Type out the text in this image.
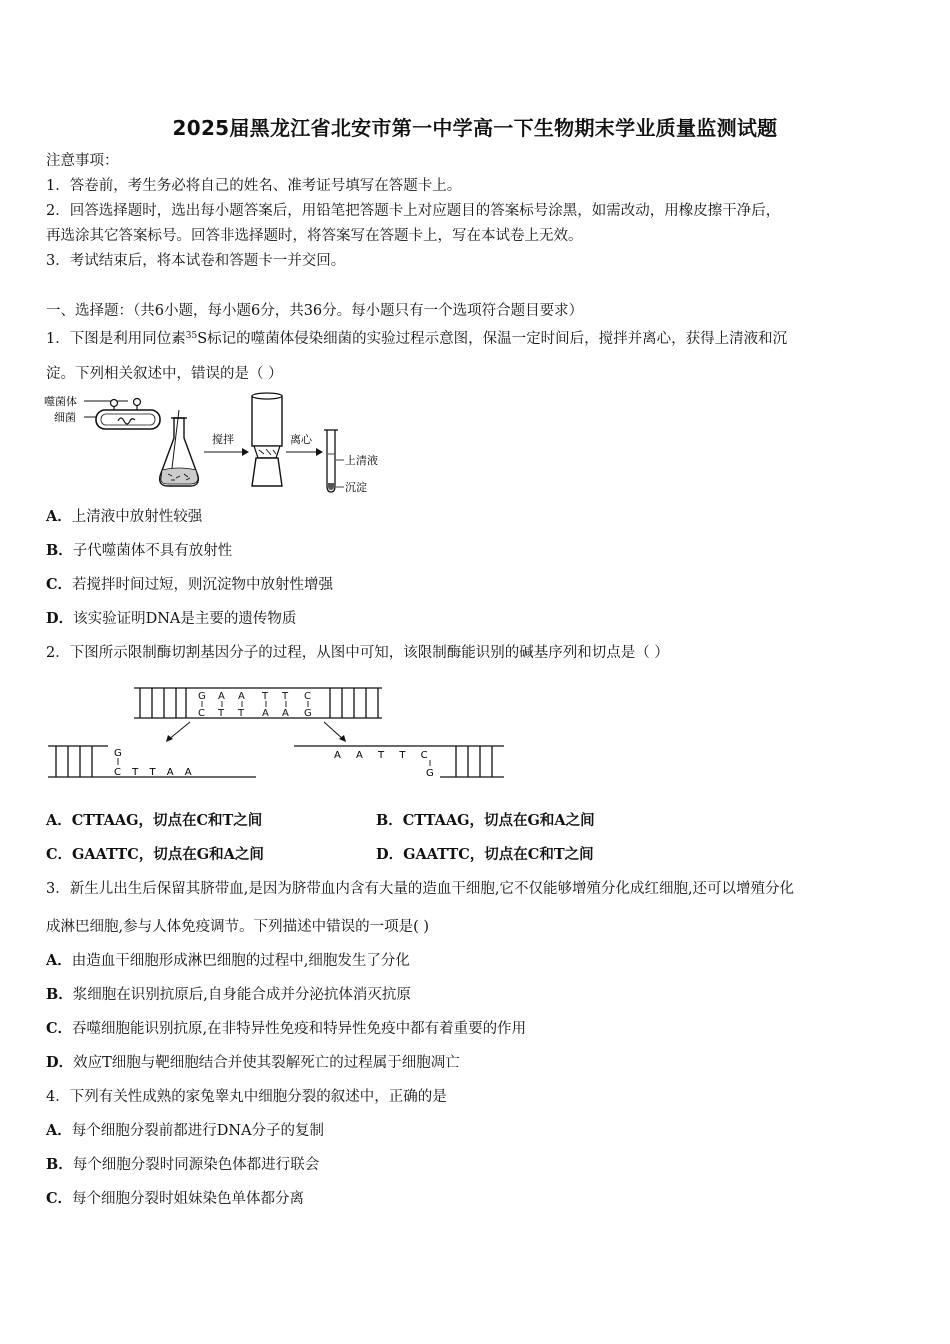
2025届黑龙江省北安市第一中学高一下生物期末学业质量监测试题
注意事项：
1．答卷前，考生务必将自己的姓名、准考证号填写在答题卡上。
2．回答选择题时，选出每小题答案后，用铅笔把答题卡上对应题目的答案标号涂黑，如需改动，用橡皮擦干净后，
再选涂其它答案标号。回答非选择题时，将答案写在答题卡上，写在本试卷上无效。
3．考试结束后，将本试卷和答题卡一并交回。
一、选择题：（共6小题，每小题6分，共36分。每小题只有一个选项符合题目要求）
1．下图是利用同位素$^{35}$S标记的噬菌体侵染细菌的实验过程示意图，保温一定时间后，搅拌并离心，获得上清液和沉
淀。下列相关叙述中，错误的是（ ）
噬菌体
细菌
搅拌	离心
上清液
沉淀
A．上清液中放射性较强
B．子代噬菌体不具有放射性
C．若搅拌时间过短，则沉淀物中放射性增强
D．该实验证明DNA是主要的遗传物质
2．下图所示限制酶切割基因分子的过程，从图中可知，该限制酶能识别的碱基序列和切点是（ ）
G A A T T C
C T T A A G
G
C T T A A
A A T T C
G
A．CTTAAG，切点在C和T之间	B．CTTAAG，切点在G和A之间
C．GAATTC，切点在G和A之间	D．GAATTC，切点在C和T之间
3．新生儿出生后保留其脐带血,是因为脐带血内含有大量的造血干细胞,它不仅能够增殖分化成红细胞,还可以增殖分化
成淋巴细胞,参与人体免疫调节。下列描述中错误的一项是( )
A．由造血干细胞形成淋巴细胞的过程中,细胞发生了分化
B．浆细胞在识别抗原后,自身能合成并分泌抗体消灭抗原
C．吞噬细胞能识别抗原,在非特异性免疫和特异性免疫中都有着重要的作用
D．效应T细胞与靶细胞结合并使其裂解死亡的过程属于细胞凋亡
4．下列有关性成熟的家兔睾丸中细胞分裂的叙述中，正确的是
A．每个细胞分裂前都进行DNA分子的复制
B．每个细胞分裂时同源染色体都进行联会
C．每个细胞分裂时姐妹染色单体都分离
